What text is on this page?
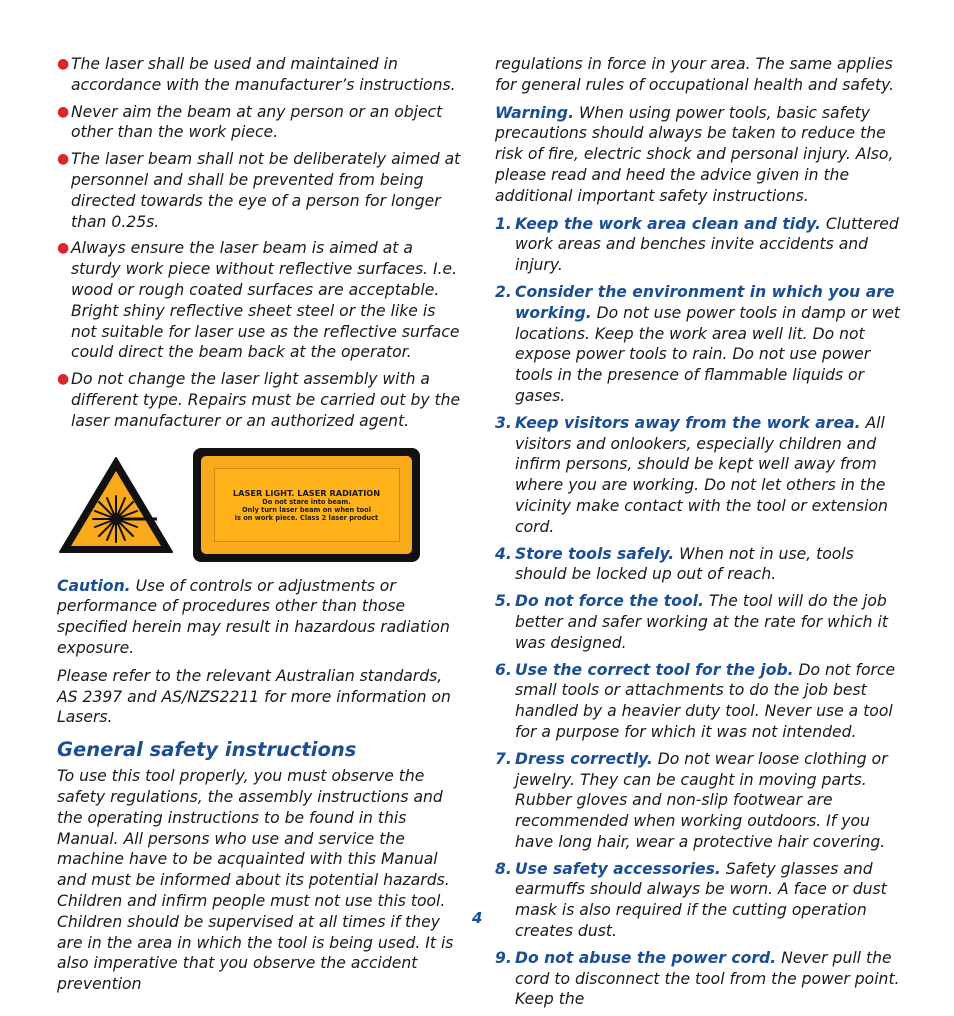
● The laser shall be used and maintained in accordance with the manufacturer’s instructions.
● Never aim the beam at any person or an object other than the work piece.
● The laser beam shall not be deliberately aimed at personnel and shall be prevented from being directed towards the eye of a person for longer than 0.25s.
● Always ensure the laser beam is aimed at a sturdy work piece without reflective surfaces. I.e. wood or rough coated surfaces are acceptable. Bright shiny reflective sheet steel or the like is not suitable for laser use as the reflective surface could direct the beam back at the operator.
● Do not change the laser light assembly with a different type. Repairs must be carried out by the laser manufacturer or an authorized agent.
LASER LIGHT. LASER RADIATION
Do not stare into beam.
Only turn laser beam on when tool
is on work piece. Class 2 laser product

Caution. Use of controls or adjustments or performance of procedures other than those specified herein may result in hazardous radiation exposure.

Please refer to the relevant Australian standards, AS 2397 and AS/NZS2211 for more information on Lasers.

General safety instructions

To use this tool properly, you must observe the safety regulations, the assembly instructions and the operating instructions to be found in this Manual. All persons who use and service the machine have to be acquainted with this Manual and must be informed about its potential hazards. Children and infirm people must not use this tool. Children should be supervised at all times if they are in the area in which the tool is being used. It is also imperative that you observe the accident prevention

regulations in force in your area. The same applies for general rules of occupational health and safety.

Warning. When using power tools, basic safety precautions should always be taken to reduce the risk of fire, electric shock and personal injury. Also, please read and heed the advice given in the additional important safety instructions.

1. Keep the work area clean and tidy. Cluttered work areas and benches invite accidents and injury.
2. Consider the environment in which you are working. Do not use power tools in damp or wet locations. Keep the work area well lit. Do not expose power tools to rain. Do not use power tools in the presence of flammable liquids or gases.
3. Keep visitors away from the work area. All visitors and onlookers, especially children and infirm persons, should be kept well away from where you are working. Do not let others in the vicinity make contact with the tool or extension cord.
4. Store tools safely. When not in use, tools should be locked up out of reach.
5. Do not force the tool. The tool will do the job better and safer working at the rate for which it was designed.
6. Use the correct tool for the job. Do not force small tools or attachments to do the job best handled by a heavier duty tool. Never use a tool for a purpose for which it was not intended.
7. Dress correctly. Do not wear loose clothing or jewelry. They can be caught in moving parts. Rubber gloves and non-slip footwear are recommended when working outdoors. If you have long hair, wear a protective hair covering.
8. Use safety accessories. Safety glasses and earmuffs should always be worn. A face or dust mask is also required if the cutting operation creates dust.
9. Do not abuse the power cord. Never pull the cord to disconnect the tool from the power point. Keep the
4
